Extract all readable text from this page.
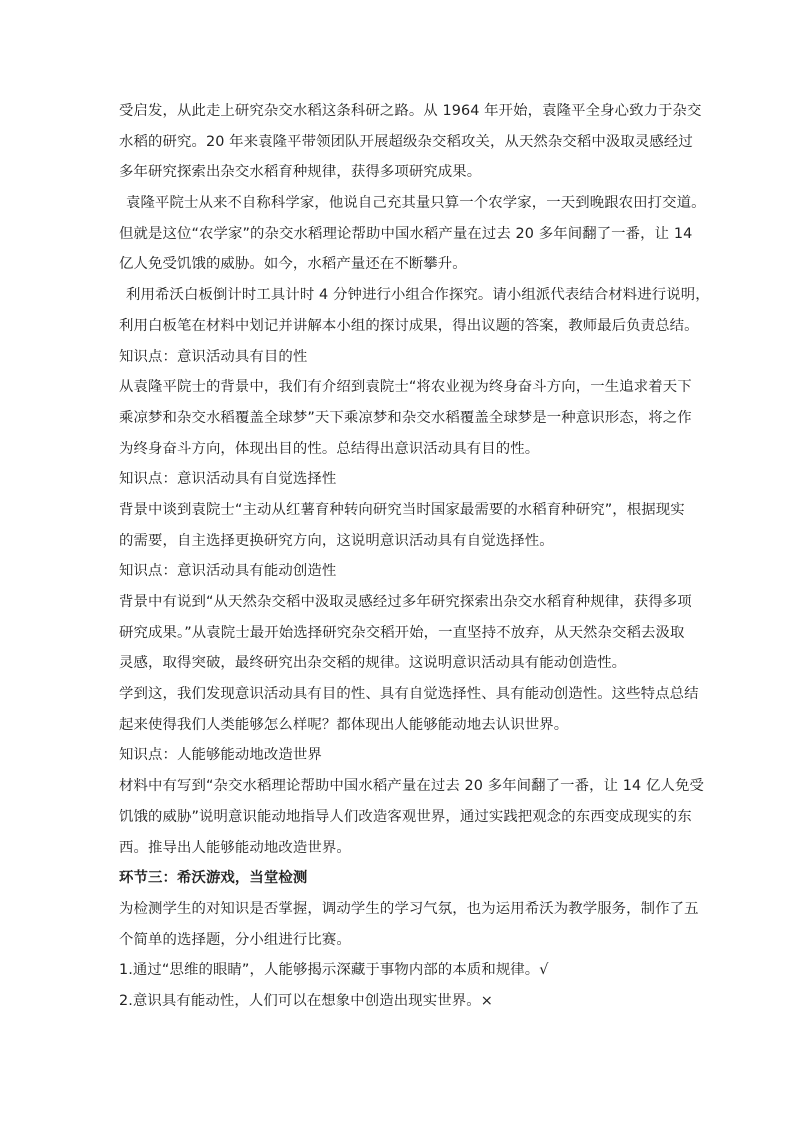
受启发，从此走上研究杂交水稻这条科研之路。从 1964 年开始，袁隆平全身心致力于杂交
水稻的研究。20 年来袁隆平带领团队开展超级杂交稻攻关，从天然杂交稻中汲取灵感经过
多年研究探索出杂交水稻育种规律，获得多项研究成果。
袁隆平院士从来不自称科学家，他说自己充其量只算一个农学家，一天到晚跟农田打交道。
但就是这位“农学家”的杂交水稻理论帮助中国水稻产量在过去 20 多年间翻了一番，让 14
亿人免受饥饿的威胁。如今，水稻产量还在不断攀升。
利用希沃白板倒计时工具计时 4 分钟进行小组合作探究。请小组派代表结合材料进行说明，
利用白板笔在材料中划记并讲解本小组的探讨成果，得出议题的答案，教师最后负责总结。
知识点：意识活动具有目的性
从袁隆平院士的背景中，我们有介绍到袁院士“将农业视为终身奋斗方向，一生追求着天下
乘凉梦和杂交水稻覆盖全球梦”天下乘凉梦和杂交水稻覆盖全球梦是一种意识形态，将之作
为终身奋斗方向，体现出目的性。总结得出意识活动具有目的性。
知识点：意识活动具有自觉选择性
背景中谈到袁院士“主动从红薯育种转向研究当时国家最需要的水稻育种研究”，根据现实
的需要，自主选择更换研究方向，这说明意识活动具有自觉选择性。
知识点：意识活动具有能动创造性
背景中有说到“从天然杂交稻中汲取灵感经过多年研究探索出杂交水稻育种规律，获得多项
研究成果。”从袁院士最开始选择研究杂交稻开始，一直坚持不放弃，从天然杂交稻去汲取
灵感，取得突破，最终研究出杂交稻的规律。这说明意识活动具有能动创造性。
学到这，我们发现意识活动具有目的性、具有自觉选择性、具有能动创造性。这些特点总结
起来使得我们人类能够怎么样呢？都体现出人能够能动地去认识世界。
知识点：人能够能动地改造世界
材料中有写到“杂交水稻理论帮助中国水稻产量在过去 20 多年间翻了一番，让 14 亿人免受
饥饿的威胁”说明意识能动地指导人们改造客观世界，通过实践把观念的东西变成现实的东
西。推导出人能够能动地改造世界。
环节三：希沃游戏，当堂检测
为检测学生的对知识是否掌握，调动学生的学习气氛，也为运用希沃为教学服务，制作了五
个简单的选择题，分小组进行比赛。
1.通过“思维的眼睛”，人能够揭示深藏于事物内部的本质和规律。√
2.意识具有能动性，人们可以在想象中创造出现实世界。×
